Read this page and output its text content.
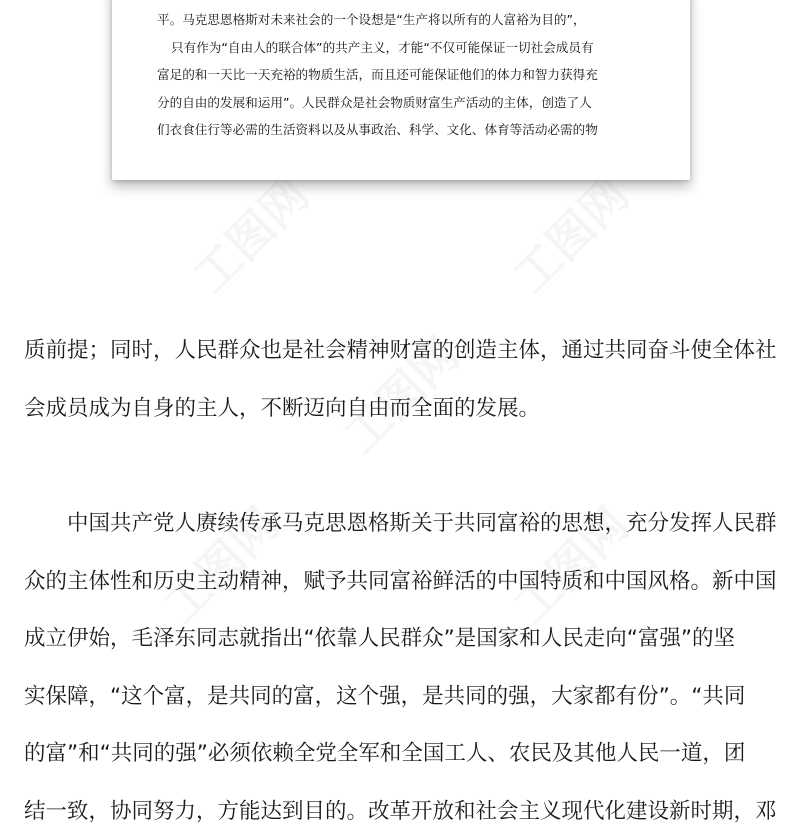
工图网	工图网
工图网
工图网	工图网
平。马克思恩格斯对未来社会的一个设想是“生产将以所有的人富裕为目的”，
只有作为“自由人的联合体”的共产主义，才能“不仅可能保证一切社会成员有
富足的和一天比一天充裕的物质生活，而且还可能保证他们的体力和智力获得充
分的自由的发展和运用”。人民群众是社会物质财富生产活动的主体，创造了人
们衣食住行等必需的生活资料以及从事政治、科学、文化、体育等活动必需的物
质前提；同时，人民群众也是社会精神财富的创造主体，通过共同奋斗使全体社
会成员成为自身的主人，不断迈向自由而全面的发展。
中国共产党人赓续传承马克思恩格斯关于共同富裕的思想，充分发挥人民群
众的主体性和历史主动精神，赋予共同富裕鲜活的中国特质和中国风格。新中国
成立伊始，毛泽东同志就指出“依靠人民群众”是国家和人民走向“富强”的坚
实保障，“这个富，是共同的富，这个强，是共同的强，大家都有份”。“共同
的富”和“共同的强”必须依赖全党全军和全国工人、农民及其他人民一道，团
结一致，协同努力，方能达到目的。改革开放和社会主义现代化建设新时期，邓
